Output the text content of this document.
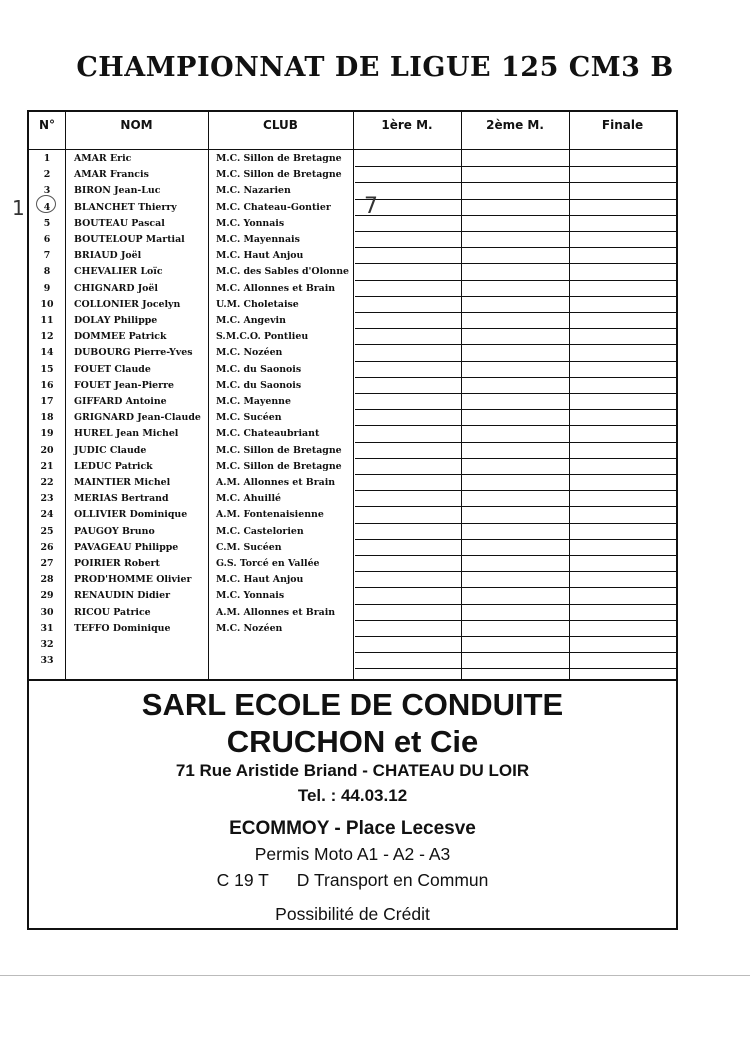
CHAMPIONNAT DE LIGUE 125 CM3 B
N°	NOM	CLUB	1ère M.	2ème M.	Finale
1	AMAR Eric	M.C. Sillon de Bretagne
2	AMAR Francis	M.C. Sillon de Bretagne
3	BIRON Jean-Luc	M.C. Nazarien
4	BLANCHET Thierry	M.C. Chateau-Gontier
5	BOUTEAU Pascal	M.C. Yonnais
6	BOUTELOUP Martial	M.C. Mayennais
7	BRIAUD Joël	M.C. Haut Anjou
8	CHEVALIER Loïc	M.C. des Sables d'Olonne
9	CHIGNARD Joël	M.C. Allonnes et Brain
10	COLLONIER Jocelyn	U.M. Choletaise
11	DOLAY Philippe	M.C. Angevin
12	DOMMEE Patrick	S.M.C.O. Pontlieu
14	DUBOURG Pierre-Yves	M.C. Nozéen
15	FOUET Claude	M.C. du Saonois
16	FOUET Jean-Pierre	M.C. du Saonois
17	GIFFARD Antoine	M.C. Mayenne
18	GRIGNARD Jean-Claude M.C. Sucéen
19	HUREL Jean Michel	M.C. Chateaubriant
20	JUDIC Claude	M.C. Sillon de Bretagne
21	LEDUC Patrick	M.C. Sillon de Bretagne
22	MAINTIER Michel	A.M. Allonnes et Brain
23	MERIAS Bertrand	M.C. Ahuillé
24	OLLIVIER Dominique	A.M. Fontenaisienne
25	PAUGOY Bruno	M.C. Castelorien
26	PAVAGEAU Philippe	C.M. Sucéen
27	POIRIER Robert	G.S. Torcé en Vallée
28	PROD'HOMME Olivier	M.C. Haut Anjou
29	RENAUDIN Didier	M.C. Yonnais
30	RICOU Patrice	A.M. Allonnes et Brain
31	TEFFO Dominique	M.C. Nozéen
32
33
7
SARL ECOLE DE CONDUITE
CRUCHON et Cie
71 Rue Aristide Briand - CHATEAU DU LOIR
Tel. : 44.03.12
ECOMMOY - Place Lecesve
Permis Moto A1 - A2 - A3
C 19 T D Transport en Commun
Possibilité de Crédit
1
